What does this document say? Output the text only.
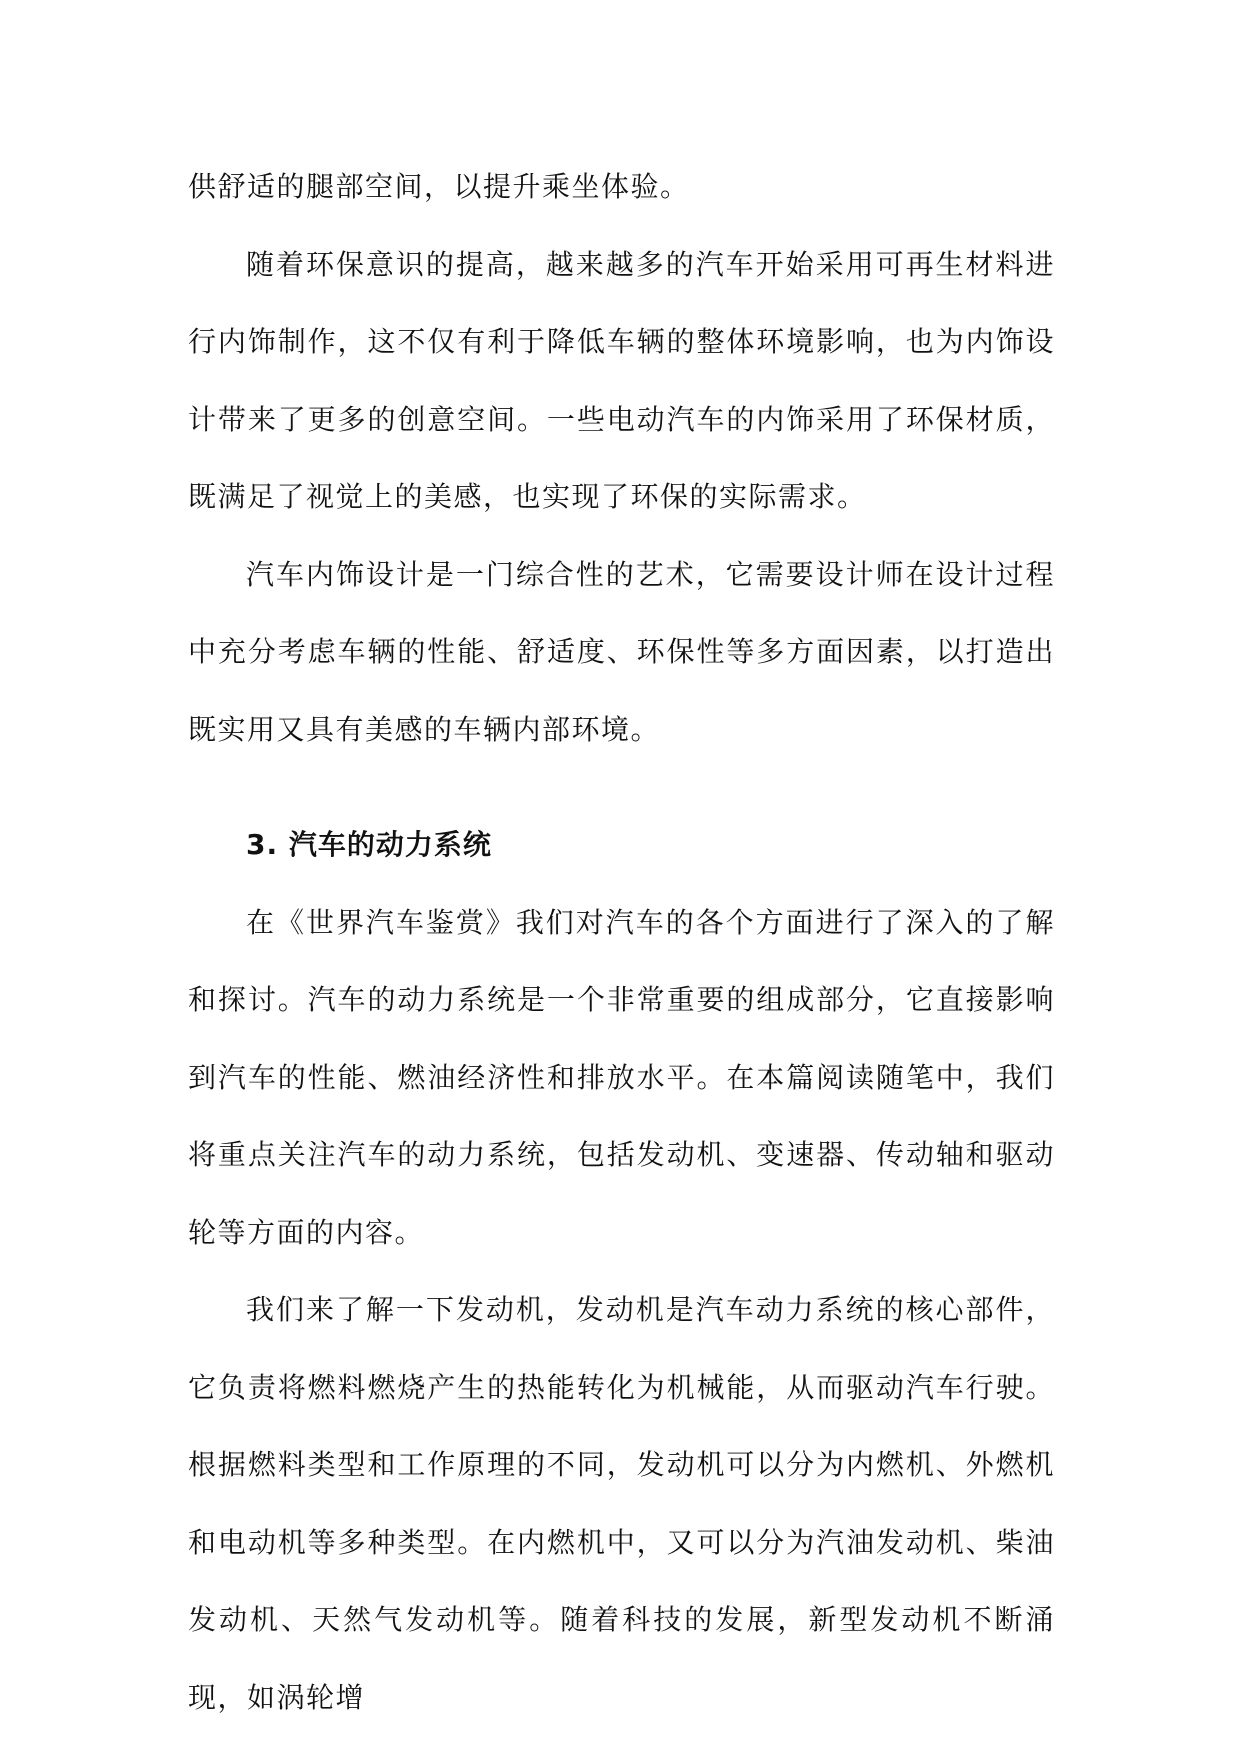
供舒适的腿部空间，以提升乘坐体验。

随着环保意识的提高，越来越多的汽车开始采用可再生材料进行内饰制作，这不仅有利于降低车辆的整体环境影响，也为内饰设计带来了更多的创意空间。一些电动汽车的内饰采用了环保材质，既满足了视觉上的美感，也实现了环保的实际需求。

汽车内饰设计是一门综合性的艺术，它需要设计师在设计过程中充分考虑车辆的性能、舒适度、环保性等多方面因素，以打造出既实用又具有美感的车辆内部环境。

3. 汽车的动力系统

在《世界汽车鉴赏》我们对汽车的各个方面进行了深入的了解和探讨。汽车的动力系统是一个非常重要的组成部分，它直接影响到汽车的性能、燃油经济性和排放水平。在本篇阅读随笔中，我们将重点关注汽车的动力系统，包括发动机、变速器、传动轴和驱动轮等方面的内容。

我们来了解一下发动机，发动机是汽车动力系统的核心部件，它负责将燃料燃烧产生的热能转化为机械能，从而驱动汽车行驶。根据燃料类型和工作原理的不同，发动机可以分为内燃机、外燃机和电动机等多种类型。在内燃机中，又可以分为汽油发动机、柴油发动机、天然气发动机等。随着科技的发展，新型发动机不断涌现，如涡轮增
